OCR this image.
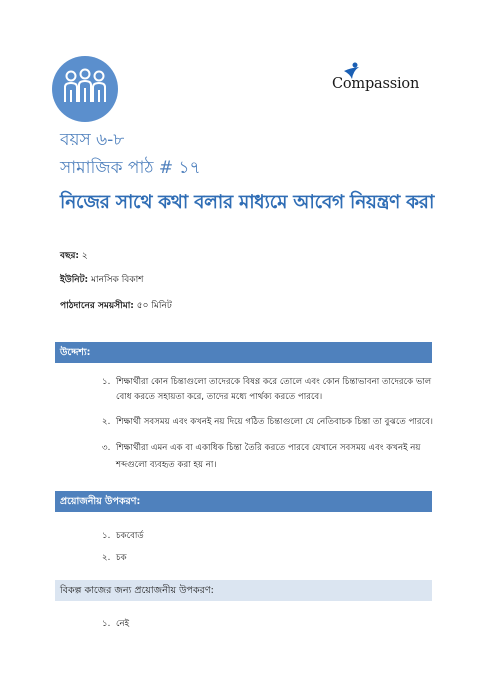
Compassion
বয়স ৬-৮
সামাজিক পাঠ # ১৭
নিজের সাথে কথা বলার মাধ্যমে আবেগ নিয়ন্ত্রণ করা
বছর: ২
ইউনিট: মানসিক বিকাশ
পাঠদানের সময়সীমা: ৫০ মিনিট
উদ্দেশ্য:
১. শিক্ষার্থীরা কোন চিন্তাগুলো তাদেরকে বিষণ্ণ করে তোলে এবং কোন চিন্তাভাবনা তাদেরকে ভাল
বোধ করতে সহায়তা করে, তাদের মধ্যে পার্থক্য করতে পারবে।
২. শিক্ষার্থী সবসময় এবং কখনই নয় দিয়ে গঠিত চিন্তাগুলো যে নেতিবাচক চিন্তা তা বুঝতে পারবে।
৩. শিক্ষার্থীরা এমন এক বা একাধিক চিন্তা তৈরি করতে পারবে যেখানে সবসময় এবং কখনই নয়
শব্দগুলো ব্যবহৃত করা হয় না।
প্রয়োজনীয় উপকরণ:
১. চকবোর্ড
২. চক
বিকল্প কাজের জন্য প্রয়োজনীয় উপকরণ:
১. নেই
